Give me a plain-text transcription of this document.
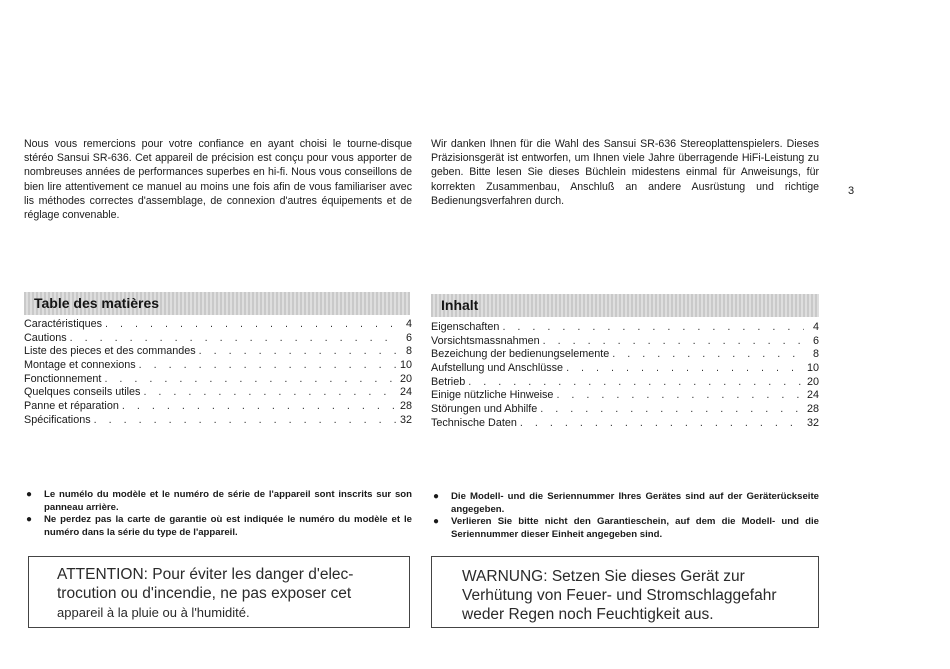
Nous vous remercions pour votre confiance en ayant choisi le tourne-disque stéréo Sansui SR-636. Cet appareil de précision est conçu pour vous apporter de nombreuses années de performances superbes en hi-fi. Nous vous conseillons de bien lire attentivement ce manuel au moins une fois afin de vous familiariser avec lis méthodes correctes d'assemblage, de connexion d'autres équipements et de réglage convenable.
Wir danken Ihnen für die Wahl des Sansui SR-636 Stereoplattenspielers. Dieses Präzisionsgerät ist entworfen, um Ihnen viele Jahre überragende HiFi-Leistung zu geben. Bitte lesen Sie dieses Büchlein midestens einmal für Anweisungs, für korrekten Zusammenbau, Anschluß an andere Ausrüstung und richtige Bedienungsverfahren durch.
3
Table des matières
Caractéristiques . . .	4
Cautions . . .	6
Liste des pieces et des commandes . . .	8
Montage et connexions . . .	10
Fonctionnement . . .	20
Quelques conseils utiles . . .	24
Panne et réparation . . .	28
Spécifications . . .	32
Inhalt
Eigenschaften . . .	4
Vorsichtsmassnahmen . . .	6
Bezeichung der bedienungselemente . . .	8
Aufstellung und Anschlüsse . . .	10
Betrieb . . .	20
Einige nützliche Hinweise . . .	24
Störungen und Abhilfe . . .	28
Technische Daten . . .	32
● Le numélo du modèle et le numéro de série de l'appareil sont inscrits sur son panneau arrière.
● Ne perdez pas la carte de garantie où est indiquée le numéro du modèle et le numéro dans la série du type de l'appareil.
● Die Modell- und die Seriennummer Ihres Gerätes sind auf der Geräterückseite angegeben.
● Verlieren Sie bitte nicht den Garantieschein, auf dem die Modell- und die Seriennummer dieser Einheit angegeben sind.
ATTENTION: Pour éviter les danger d'elec-
trocution ou d'incendie, ne pas exposer cet
appareil à la pluie ou à l'humidité.
WARNUNG: Setzen Sie dieses Gerät zur
Verhütung von Feuer- und Stromschlaggefahr
weder Regen noch Feuchtigkeit aus.
